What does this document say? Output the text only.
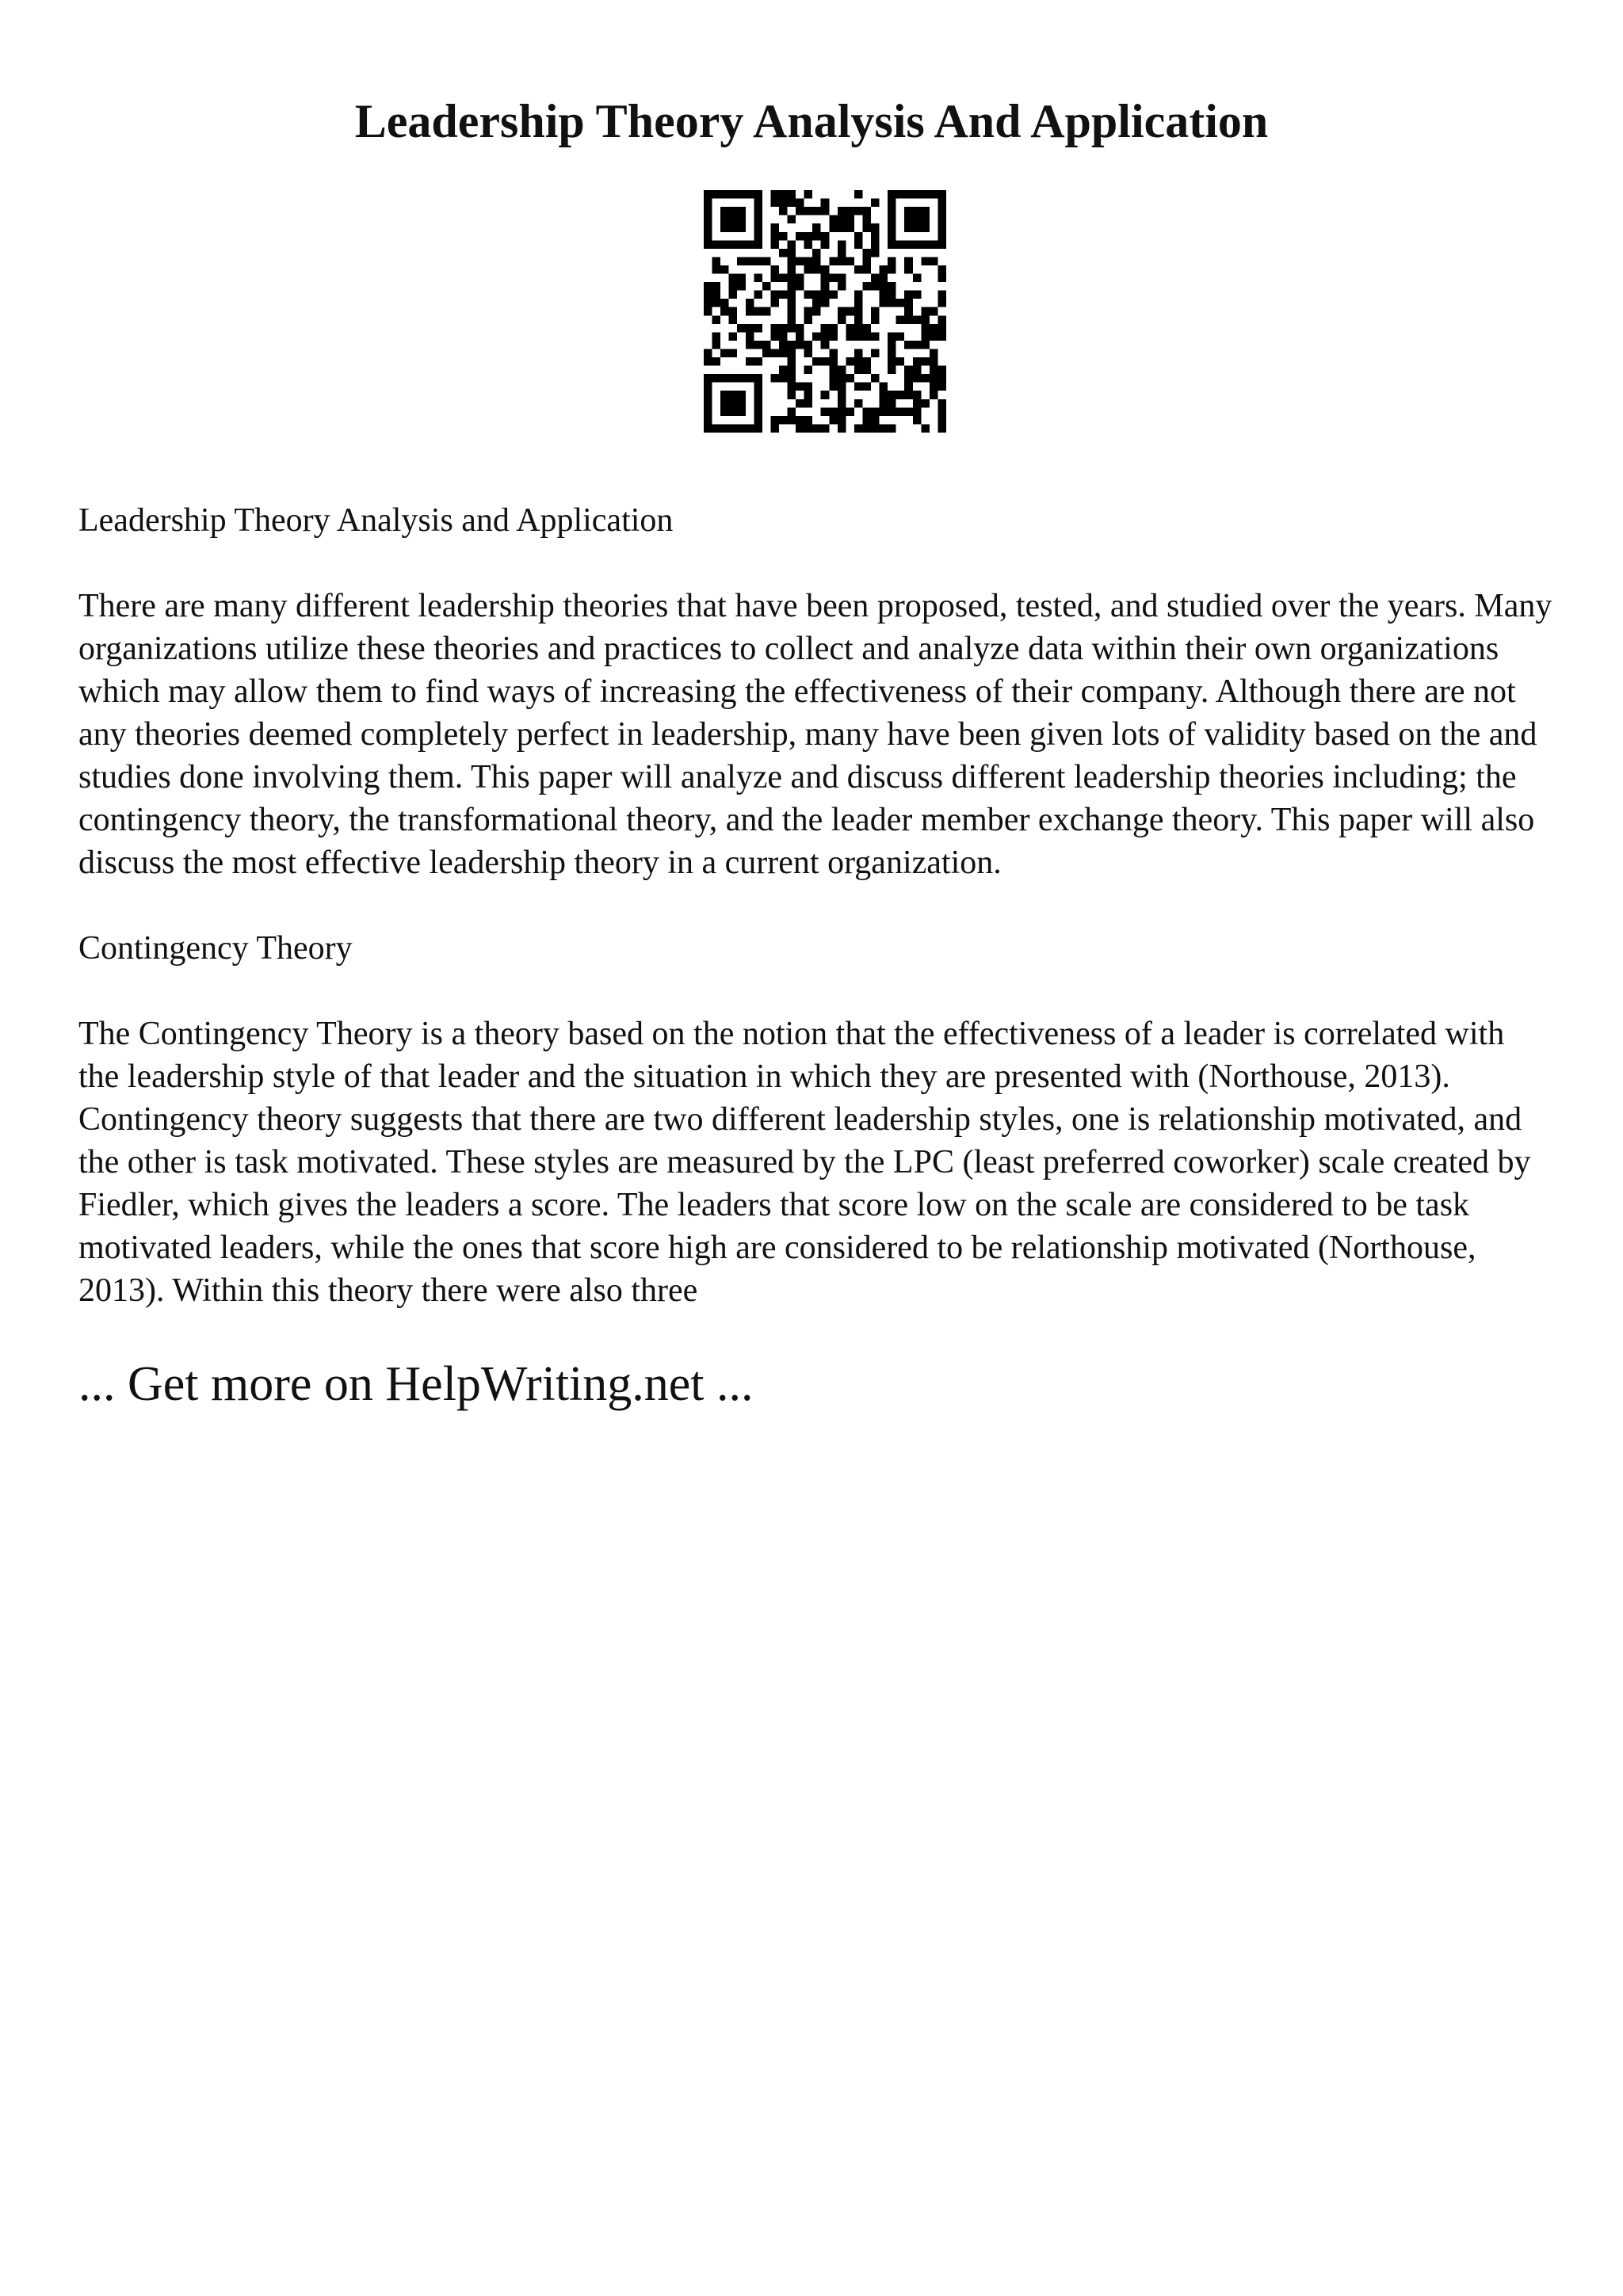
Leadership Theory Analysis And Application

Leadership Theory Analysis and Application

There are many different leadership theories that have been proposed, tested, and studied over the years. Many organizations utilize these theories and practices to collect and analyze data within their own organizations which may allow them to find ways of increasing the effectiveness of their company. Although there are not any theories deemed completely perfect in leadership, many have been given lots of validity based on the and studies done involving them. This paper will analyze and discuss different leadership theories including; the contingency theory, the transformational theory, and the leader member exchange theory. This paper will also discuss the most effective leadership theory in a current organization.

Contingency Theory

The Contingency Theory is a theory based on the notion that the effectiveness of a leader is correlated with the leadership style of that leader and the situation in which they are presented with (Northouse, 2013). Contingency theory suggests that there are two different leadership styles, one is relationship motivated, and the other is task motivated. These styles are measured by the LPC (least preferred coworker) scale created by Fiedler, which gives the leaders a score. The leaders that score low on the scale are considered to be task motivated leaders, while the ones that score high are considered to be relationship motivated (Northouse, 2013). Within this theory there were also three

... Get more on HelpWriting.net ...
